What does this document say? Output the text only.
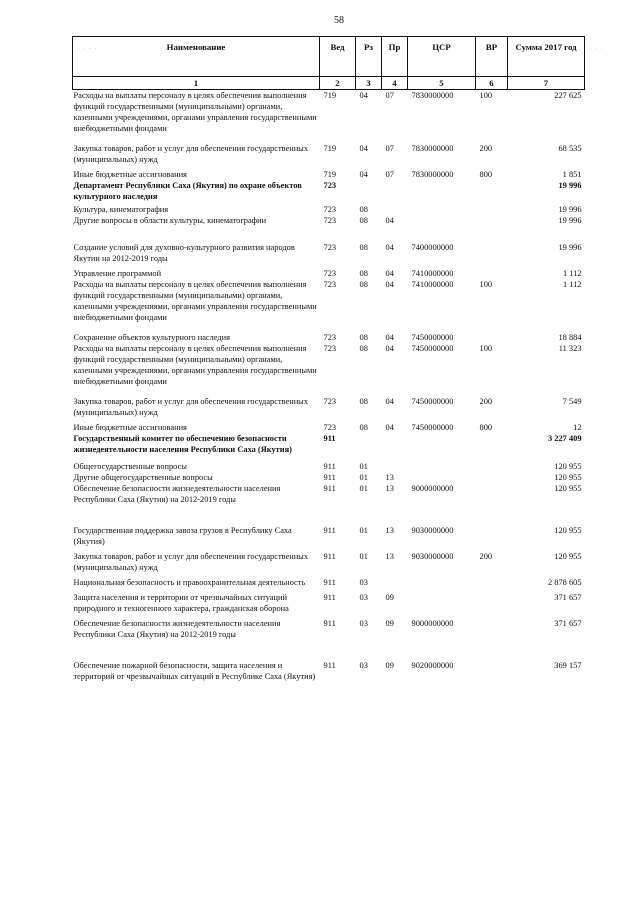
58
· · · ·	· · ·
Наименование	Вед	Рз	Пр	ЦСР	ВР	Сумма 2017 год
1	2	3	4	5	6	7
Расходы на выплаты персоналу в целях обеспечения выполнения функций государственными (муниципальными) органами, казенными учреждениями, органами управления государственными внебюджетными фондами	719	04	07	7830000000	100	227 625
Закупка товаров, работ и услуг для обеспечения государственных (муниципальных) нужд	719	04	07	7830000000	200	68 535
Иные бюджетные ассигнования	719	04	07	7830000000	800	1 851
Департамент Республики Саха (Якутия) по охране объектов культурного наследия	723					19 996
Культура, кинематография	723	08				19 996
Другие вопросы в области культуры, кинематографии	723	08	04			19 996
Создание условий для духовно-культурного развития народов Якутии на 2012-2019 годы	723	08	04	7400000000		19 996
Управление программой	723	08	04	7410000000		1 112
Расходы на выплаты персоналу в целях обеспечения выполнения функций государственными (муниципальными) органами, казенными учреждениями, органами управления государственными внебюджетными фондами	723	08	04	7410000000	100	1 112
Сохранение объектов культурного наследия	723	08	04	7450000000		18 884
Расходы на выплаты персоналу в целях обеспечения выполнения функций государственными (муниципальными) органами, казенными учреждениями, органами управления государственными внебюджетными фондами	723	08	04	7450000000	100	11 323
Закупка товаров, работ и услуг для обеспечения государственных (муниципальных) нужд	723	08	04	7450000000	200	7 549
Иные бюджетные ассигнования	723	08	04	7450000000	800	12
Государственный комитет по обеспечению безопасности жизнедеятельности населения Республики Саха (Якутия)	911					3 227 409
Общегосударственные вопросы	911	01				120 955
Другие общегосударственные вопросы	911	01	13			120 955
Обеспечение безопасности жизнедеятельности населения Республики Саха (Якутия) на 2012-2019 годы	911	01	13	9000000000		120 955
Государственная поддержка завоза грузов в Республику Саха (Якутия)	911	01	13	9030000000		120 955
Закупка товаров, работ и услуг для обеспечения государственных (муниципальных) нужд	911	01	13	9030000000	200	120 955
Национальная безопасность и правоохранительная деятельность	911	03				2 878 605
Защита населения и территории от чрезвычайных ситуаций природного и техногенного характера, гражданская оборона	911	03	09			371 657
Обеспечение безопасности жизнедеятельности населения Республики Саха (Якутия) на 2012-2019 годы	911	03	09	9000000000		371 657
Обеспечение пожарной безопасности, защита населения и территорий от чрезвычайных ситуаций в Республике Саха (Якутия)	911	03	09	9020000000		369 157
